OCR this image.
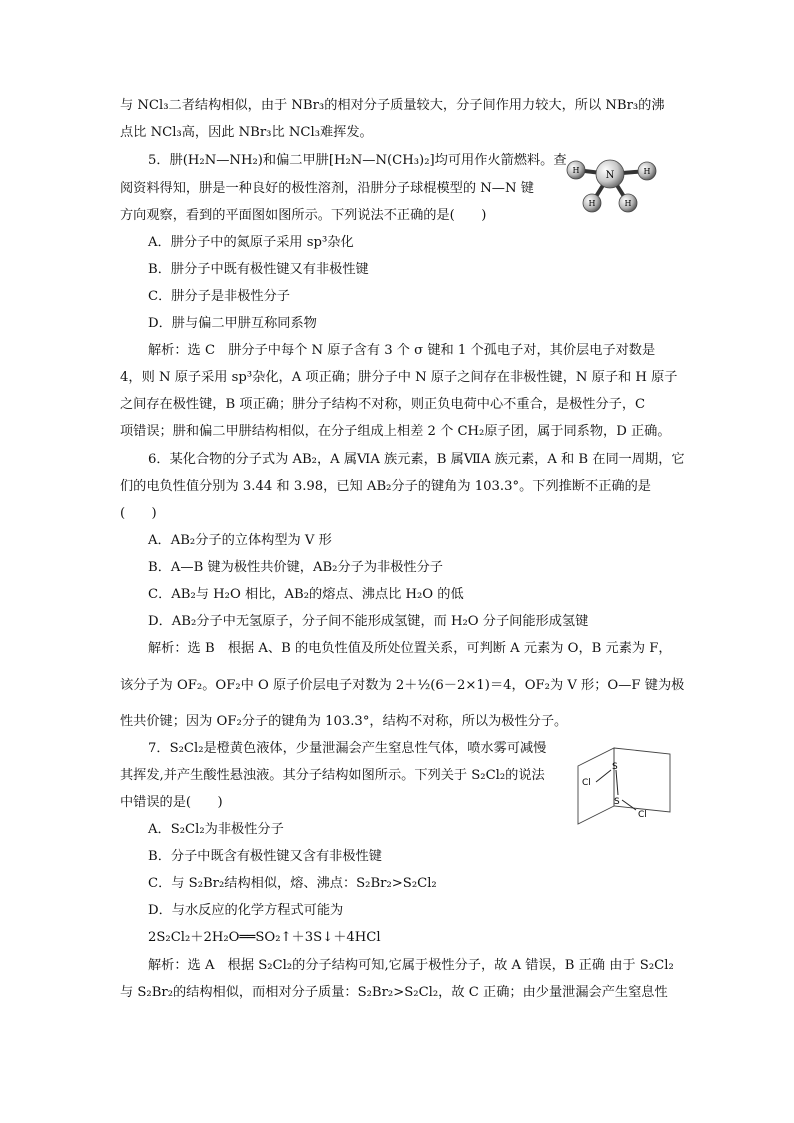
与 NCl₃二者结构相似，由于 NBr₃的相对分子质量较大，分子间作用力较大，所以 NBr₃的沸
点比 NCl₃高，因此 NBr₃比 NCl₃难挥发。
5．肼(H₂N—NH₂)和偏二甲肼[H₂N—N(CH₃)₂]均可用作火箭燃料。查
阅资料得知，肼是一种良好的极性溶剂，沿肼分子球棍模型的 N—N 键
方向观察，看到的平面图如图所示。下列说法不正确的是(　　)
A．肼分子中的氮原子采用 sp³杂化
B．肼分子中既有极性键又有非极性键
C．肼分子是非极性分子
D．肼与偏二甲肼互称同系物
解析：选 C　肼分子中每个 N 原子含有 3 个 σ 键和 1 个孤电子对，其价层电子对数是
4，则 N 原子采用 sp³杂化，A 项正确；肼分子中 N 原子之间存在非极性键，N 原子和 H 原子
之间存在极性键，B 项正确；肼分子结构不对称，则正负电荷中心不重合，是极性分子，C
项错误；肼和偏二甲肼结构相似，在分子组成上相差 2 个 CH₂原子团，属于同系物，D 正确。
6．某化合物的分子式为 AB₂，A 属ⅥA 族元素，B 属ⅦA 族元素，A 和 B 在同一周期，它
们的电负性值分别为 3.44 和 3.98，已知 AB₂分子的键角为 103.3°。下列推断不正确的是
(　　)
A．AB₂分子的立体构型为 V 形
B．A—B 键为极性共价键，AB₂分子为非极性分子
C．AB₂与 H₂O 相比，AB₂的熔点、沸点比 H₂O 的低
D．AB₂分子中无氢原子，分子间不能形成氢键，而 H₂O 分子间能形成氢键
解析：选 B　根据 A、B 的电负性值及所处位置关系，可判断 A 元素为 O，B 元素为 F，
该分子为 OF₂。OF₂中 O 原子价层电子对数为 2＋½(6－2×1)＝4，OF₂为 V 形；O—F 键为极
性共价键；因为 OF₂分子的键角为 103.3°，结构不对称，所以为极性分子。
7．S₂Cl₂是橙黄色液体，少量泄漏会产生窒息性气体，喷水雾可减慢
其挥发,并产生酸性悬浊液。其分子结构如图所示。下列关于 S₂Cl₂的说法
中错误的是(　　)
A．S₂Cl₂为非极性分子
B．分子中既含有极性键又含有非极性键
C．与 S₂Br₂结构相似，熔、沸点：S₂Br₂>S₂Cl₂
D．与水反应的化学方程式可能为
2S₂Cl₂＋2H₂O══SO₂↑＋3S↓＋4HCl
解析：选 A　根据 S₂Cl₂的分子结构可知,它属于极性分子，故 A 错误，B 正确 由于 S₂Cl₂
与 S₂Br₂的结构相似，而相对分子质量：S₂Br₂>S₂Cl₂，故 C 正确；由少量泄漏会产生窒息性
N
H	H
H	H
Cl
S
S
Cl
